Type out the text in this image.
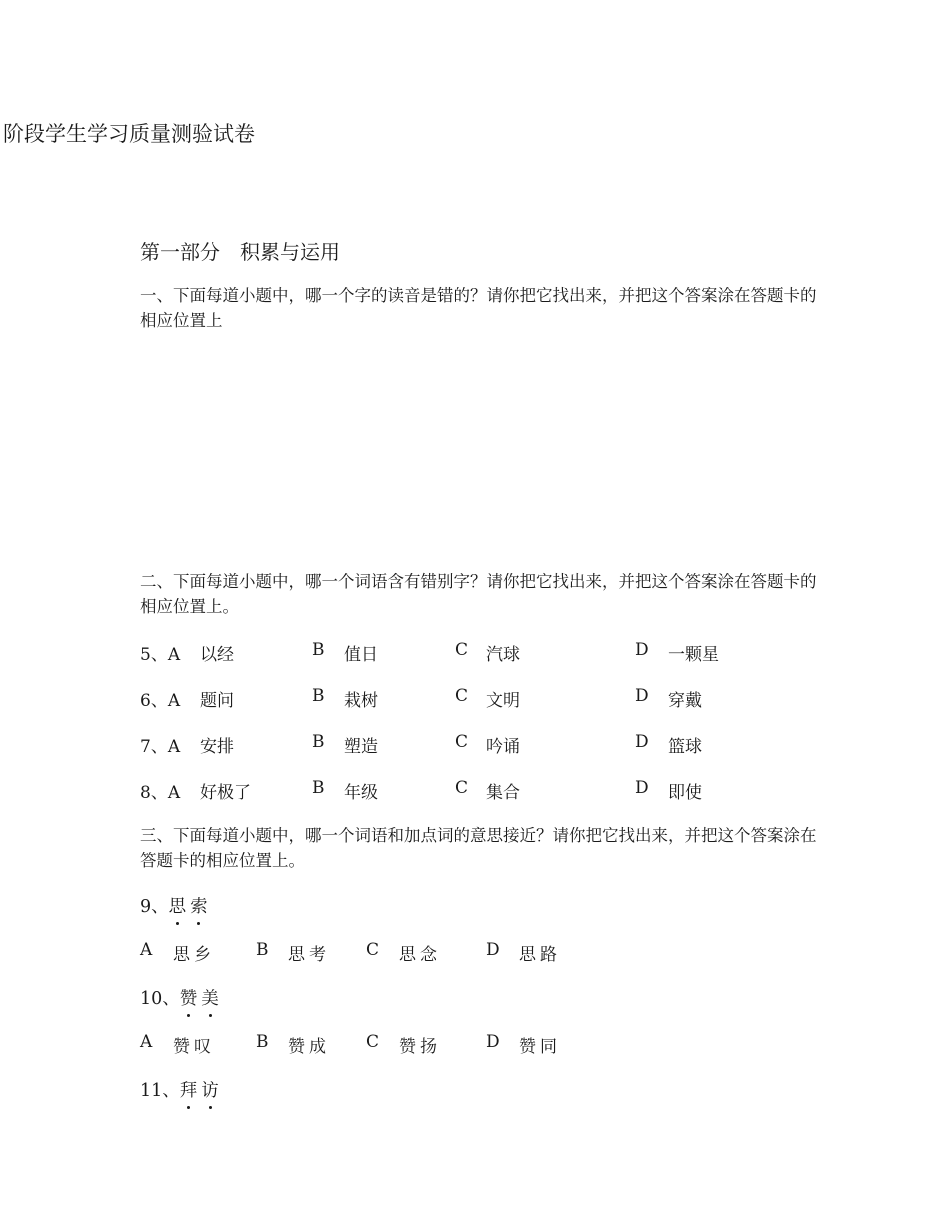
阶段学生学习质量测验试卷
第一部分　积累与运用
一、下面每道小题中，哪一个字的读音是错的？请你把它找出来，并把这个答案涂在答题卡的相应位置上
二、下面每道小题中，哪一个词语含有错别字？请你把它找出来，并把这个答案涂在答题卡的相应位置上。
5、A 以经	B 值日	C 汽球	D 一颗星
6、A 题问	B 栽树	C 文明	D 穿戴
7、A 安排	B 塑造	C 吟诵	D 篮球
8、A 好极了	B 年级	C 集合	D 即使
三、下面每道小题中，哪一个词语和加点词的意思接近？请你把它找出来，并把这个答案涂在答题卡的相应位置上。
9、思 索
A 思乡 B 思考 C 思念	D 思路
10、赞 美
A 赞叹 B 赞成 C 赞扬	D 赞同
11、拜 访
